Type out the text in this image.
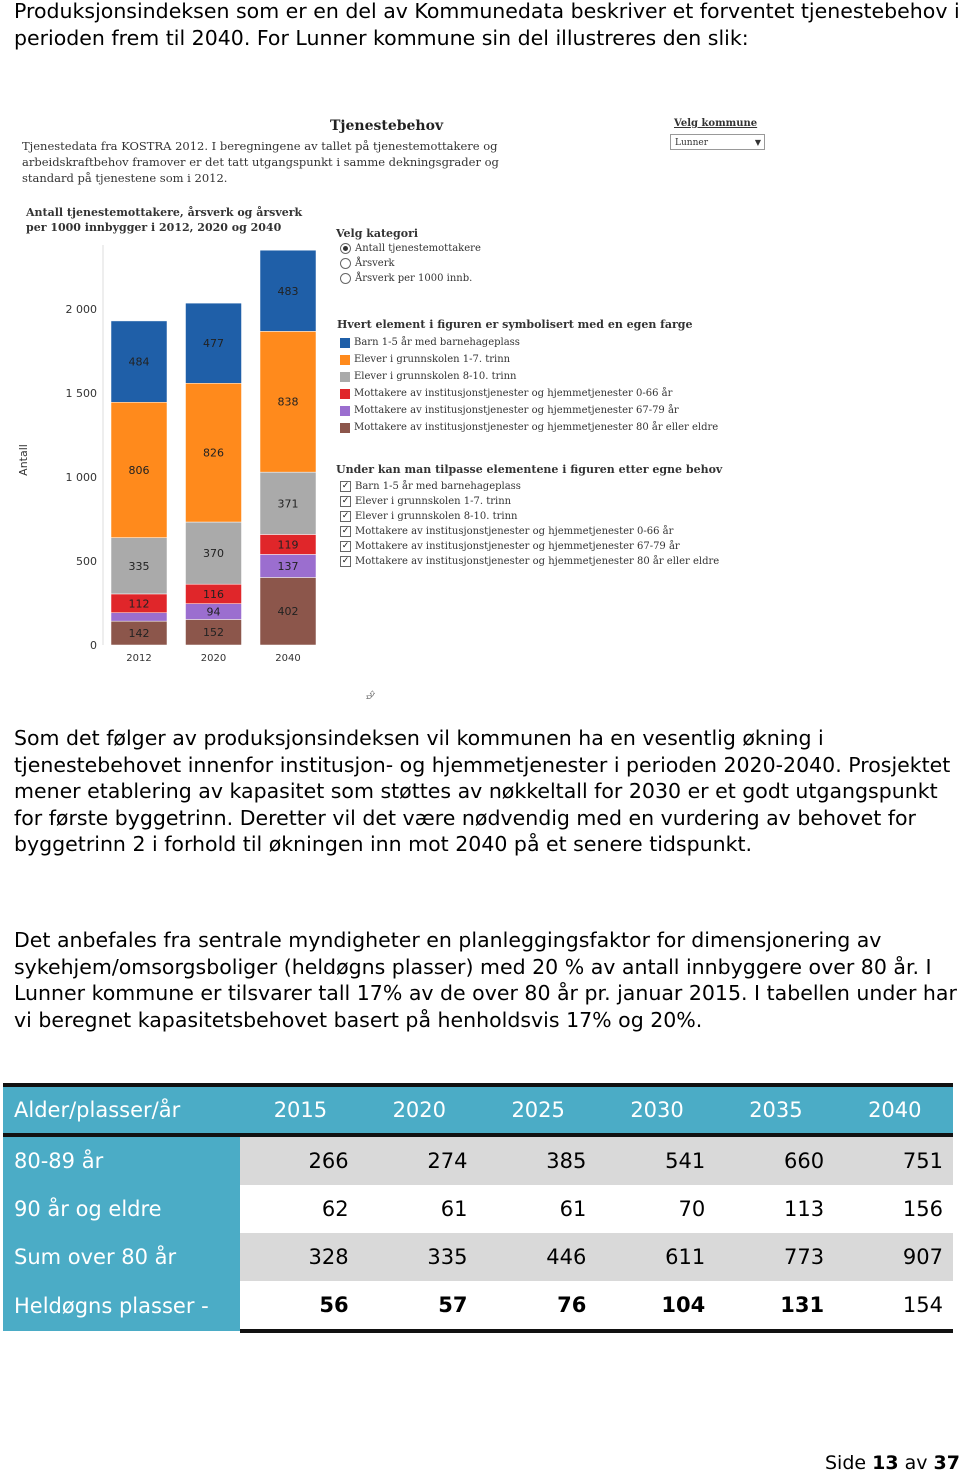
Produksjonsindeksen som er en del av Kommunedata beskriver et forventet tjenestebehov i perioden frem til 2040. For Lunner kommune sin del illustreres den slik:

Tjenestebehov
Tjenestedata fra KOSTRA 2012. I beregningene av tallet på tjenestemottakere og arbeidskraftbehov framover er det tatt utgangspunkt i samme dekningsgrader og standard på tjenestene som i 2012.
Velg kommune
Lunner	▼
Antall tjenestemottakere, årsverk og årsverk per 1000 innbygger i 2012, 2020 og 2040
0
500
1 000
1 500
2 000
Antall
142
112
335
806
484
2012
152
94
116
370
826
477
2020
402
137
119
371
838
483
2040
Velg kategori
Antall tjenestemottakere
Årsverk
Årsverk per 1000 innb.
Hvert element i figuren er symbolisert med en egen farge
Barn 1-5 år med barnehageplass
Elever i grunnskolen 1-7. trinn
Elever i grunnskolen 8-10. trinn
Mottakere av institusjonstjenester og hjemmetjenester 0-66 år
Mottakere av institusjonstjenester og hjemmetjenester 67-79 år
Mottakere av institusjonstjenester og hjemmetjenester 80 år eller eldre
Under kan man tilpasse elementene i figuren etter egne behov
✓ Barn 1-5 år med barnehageplass
✓ Elever i grunnskolen 1-7. trinn
✓ Elever i grunnskolen 8-10. trinn
✓ Mottakere av institusjonstjenester og hjemmetjenester 0-66 år
✓ Mottakere av institusjonstjenester og hjemmetjenester 67-79 år
✓ Mottakere av institusjonstjenester og hjemmetjenester 80 år eller eldre
⮵

Som det følger av produksjonsindeksen vil kommunen ha en vesentlig økning i tjenestebehovet innenfor institusjon- og hjemmetjenester i perioden 2020-2040. Prosjektet mener etablering av kapasitet som støttes av nøkkeltall for 2030 er et godt utgangspunkt for første byggetrinn. Deretter vil det være nødvendig med en vurdering av behovet for byggetrinn 2 i forhold til økningen inn mot 2040 på et senere tidspunkt.

Det anbefales fra sentrale myndigheter en planleggingsfaktor for dimensjonering av sykehjem/omsorgsboliger (heldøgns plasser) med 20 % av antall innbyggere over 80 år. I Lunner kommune er tilsvarer tall 17% av de over 80 år pr. januar 2015. I tabellen under har vi beregnet kapasitetsbehovet basert på henholdsvis 17% og 20%.

Alder/plasser/år	2015	2020	2025	2030	2035	2040
80-89 år	266	274	385	541	660	751
90 år og eldre	62	61	61	70	113	156
Sum over 80 år	328	335	446	611	773	907
Heldøgns plasser -	56	57	76	104	131	154
Side 13 av 37
